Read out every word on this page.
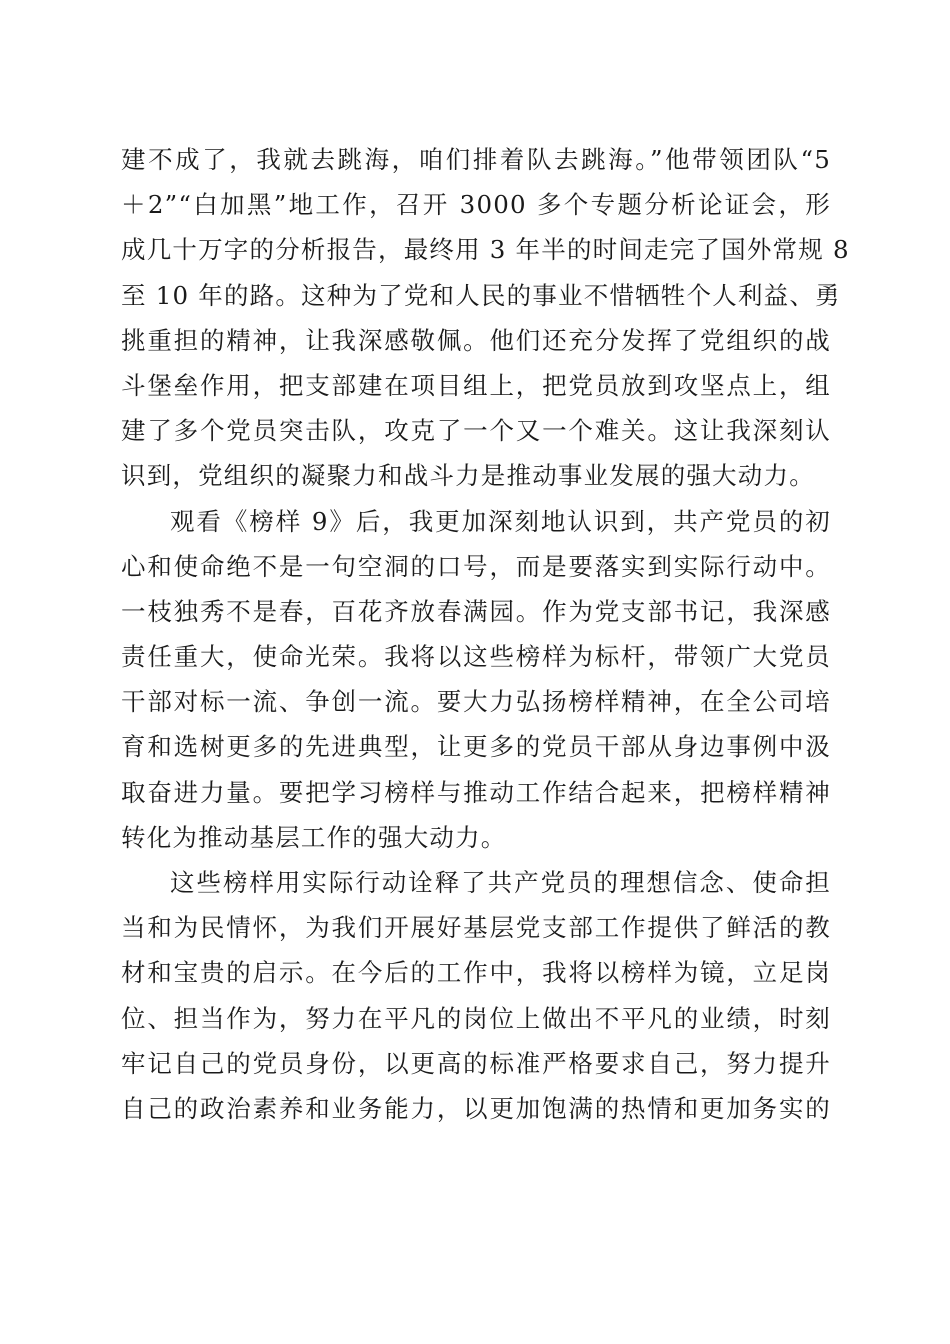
建不成了，我就去跳海，咱们排着队去跳海。”他带领团队“5
＋2”“白加黑”地工作，召开 3000 多个专题分析论证会，形
成几十万字的分析报告，最终用 3 年半的时间走完了国外常规 8
至 10 年的路。这种为了党和人民的事业不惜牺牲个人利益、勇
挑重担的精神，让我深感敬佩。他们还充分发挥了党组织的战
斗堡垒作用，把支部建在项目组上，把党员放到攻坚点上，组
建了多个党员突击队，攻克了一个又一个难关。这让我深刻认
识到，党组织的凝聚力和战斗力是推动事业发展的强大动力。
观看《榜样 9》后，我更加深刻地认识到，共产党员的初
心和使命绝不是一句空洞的口号，而是要落实到实际行动中。
一枝独秀不是春，百花齐放春满园。作为党支部书记，我深感
责任重大，使命光荣。我将以这些榜样为标杆，带领广大党员
干部对标一流、争创一流。要大力弘扬榜样精神，在全公司培
育和选树更多的先进典型，让更多的党员干部从身边事例中汲
取奋进力量。要把学习榜样与推动工作结合起来，把榜样精神
转化为推动基层工作的强大动力。
这些榜样用实际行动诠释了共产党员的理想信念、使命担
当和为民情怀，为我们开展好基层党支部工作提供了鲜活的教
材和宝贵的启示。在今后的工作中，我将以榜样为镜，立足岗
位、担当作为，努力在平凡的岗位上做出不平凡的业绩，时刻
牢记自己的党员身份，以更高的标准严格要求自己，努力提升
自己的政治素养和业务能力，以更加饱满的热情和更加务实的
